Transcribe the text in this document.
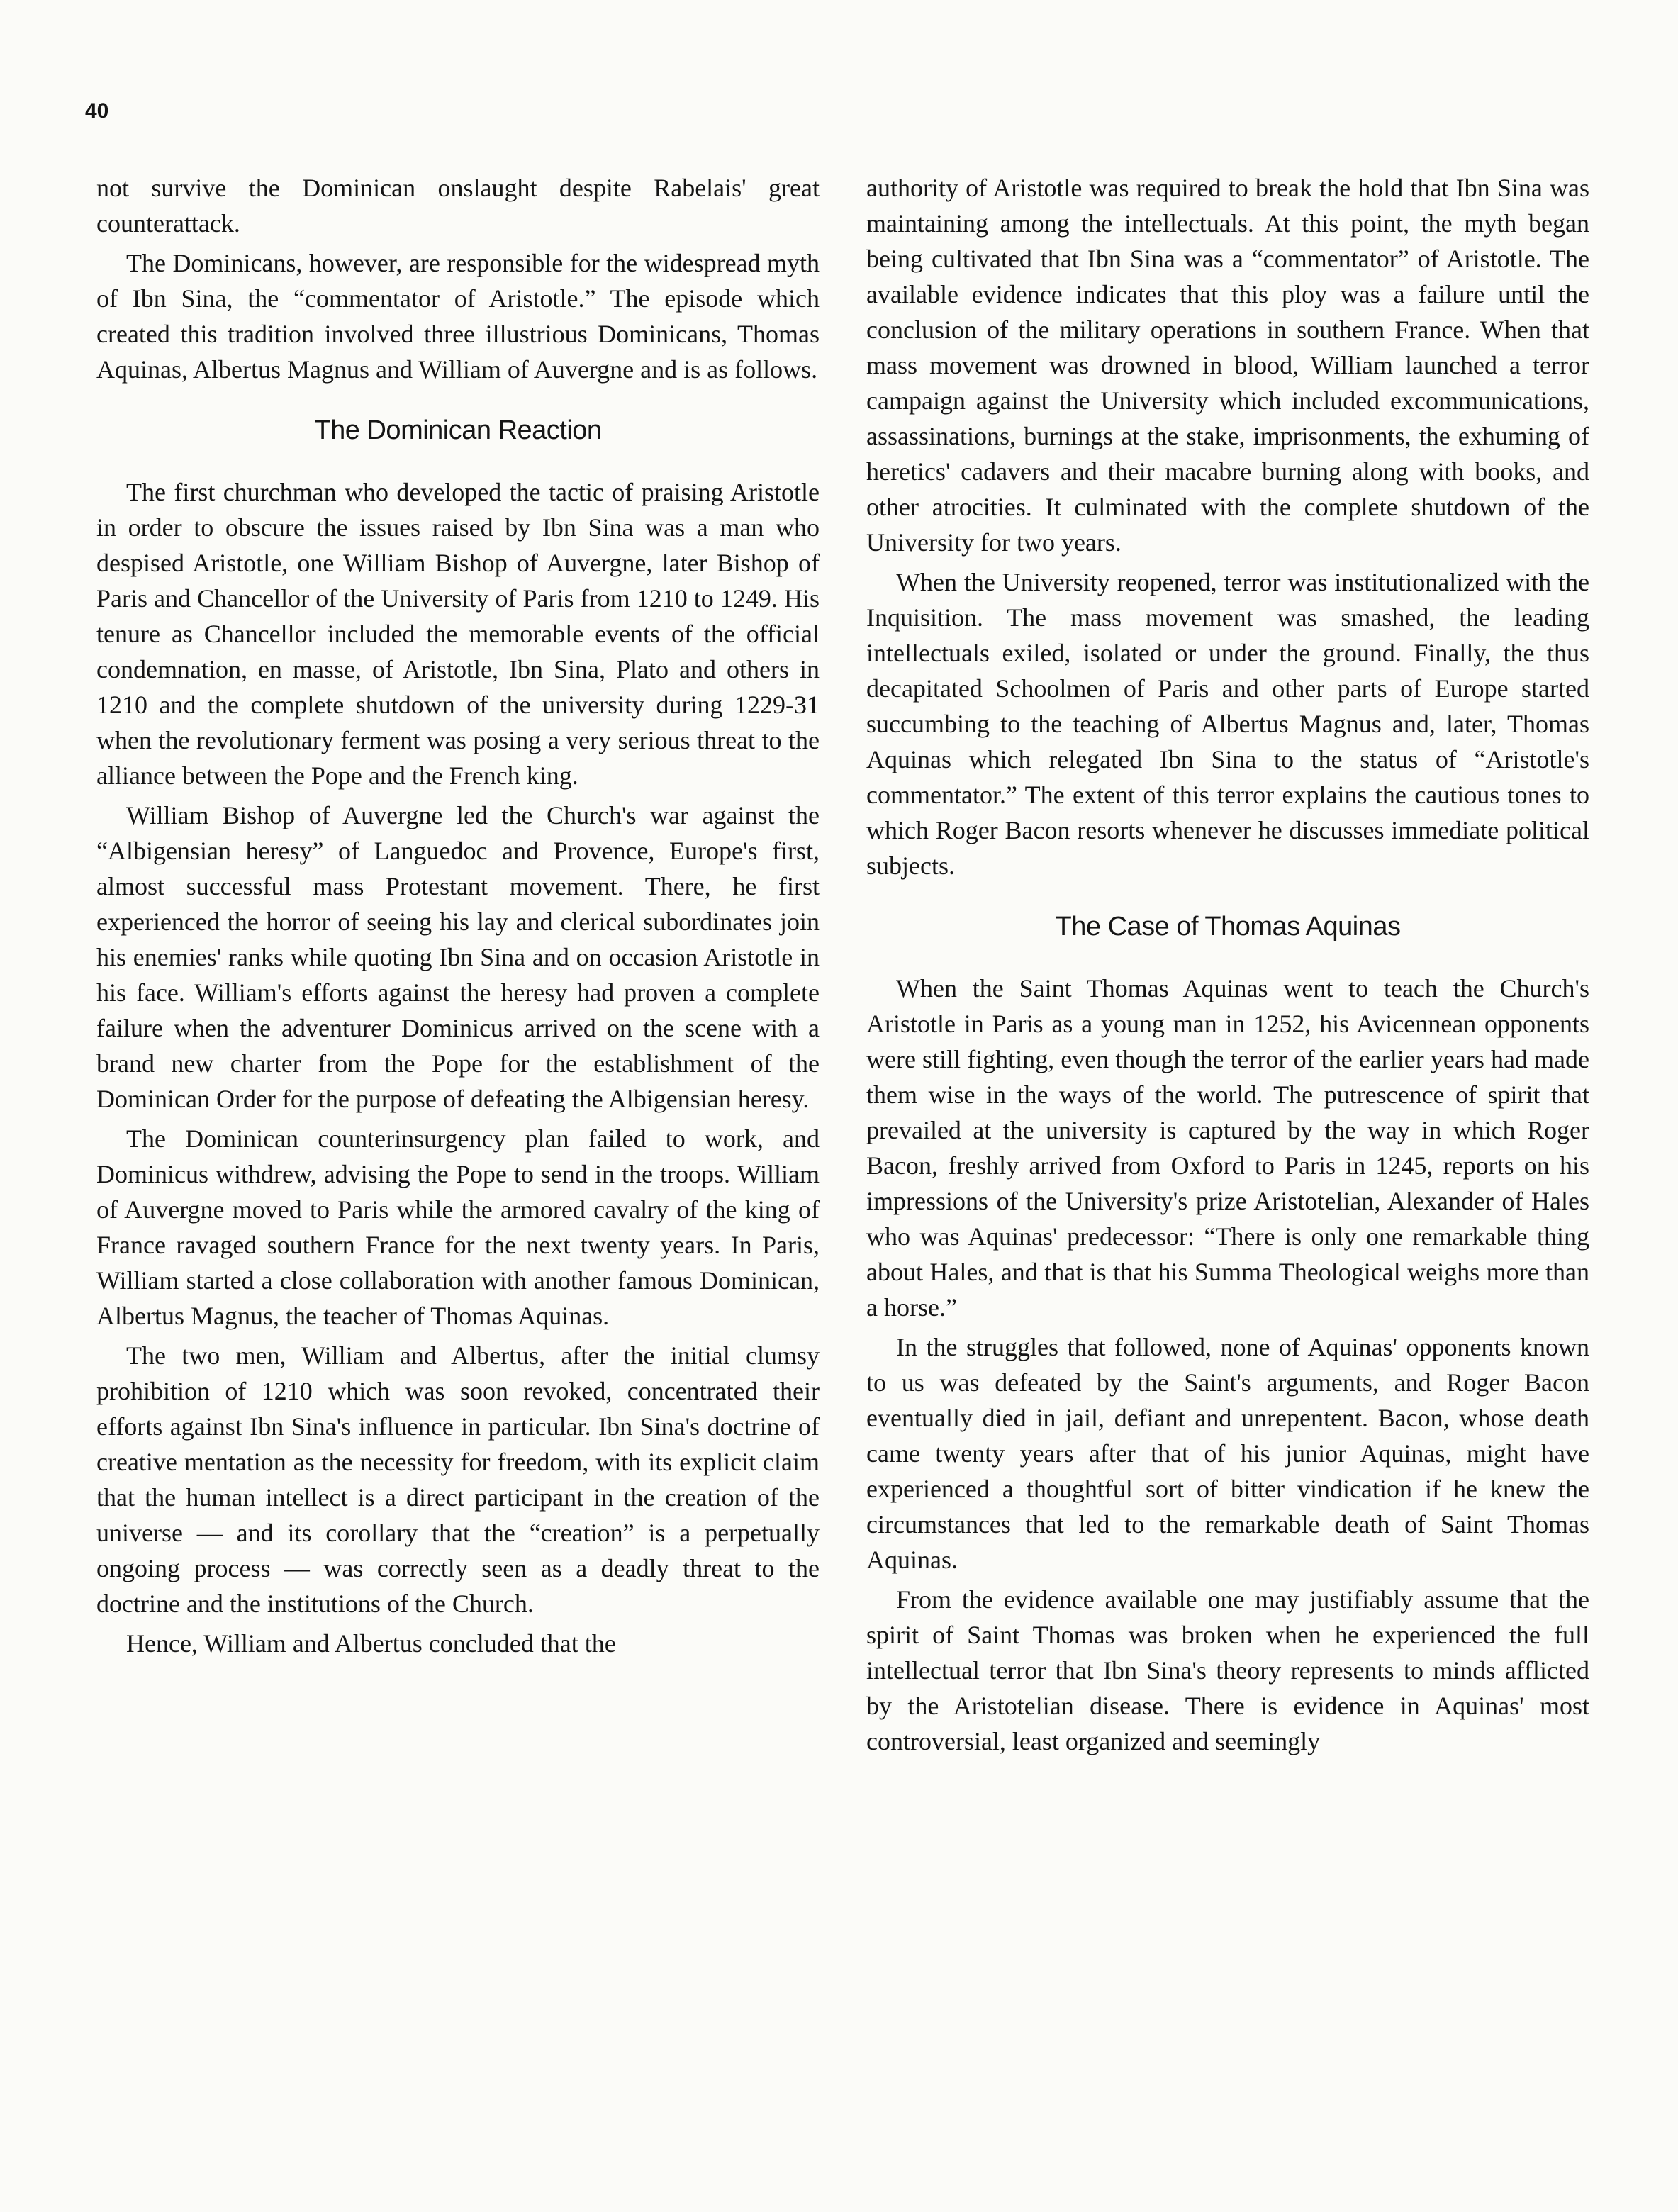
40

not survive the Dominican onslaught despite Rabelais' great counterattack.

The Dominicans, however, are responsible for the widespread myth of Ibn Sina, the “commentator of Aristotle.” The episode which created this tradition involved three illustrious Dominicans, Thomas Aquinas, Albertus Magnus and William of Auvergne and is as follows.

The Dominican Reaction

The first churchman who developed the tactic of praising Aristotle in order to obscure the issues raised by Ibn Sina was a man who despised Aristotle, one William Bishop of Auvergne, later Bishop of Paris and Chancellor of the University of Paris from 1210 to 1249. His tenure as Chancellor included the memorable events of the official condemnation, en masse, of Aristotle, Ibn Sina, Plato and others in 1210 and the complete shutdown of the university during 1229-31 when the revolutionary ferment was posing a very serious threat to the alliance between the Pope and the French king.

William Bishop of Auvergne led the Church's war against the “Albigensian heresy” of Languedoc and Provence, Europe's first, almost successful mass Protestant movement. There, he first experienced the horror of seeing his lay and clerical subordinates join his enemies' ranks while quoting Ibn Sina and on occasion Aristotle in his face. William's efforts against the heresy had proven a complete failure when the adventurer Dominicus arrived on the scene with a brand new charter from the Pope for the establishment of the Dominican Order for the purpose of defeating the Albigensian heresy.

The Dominican counterinsurgency plan failed to work, and Dominicus withdrew, advising the Pope to send in the troops. William of Auvergne moved to Paris while the armored cavalry of the king of France ravaged southern France for the next twenty years. In Paris, William started a close collaboration with another famous Dominican, Albertus Magnus, the teacher of Thomas Aquinas.

The two men, William and Albertus, after the initial clumsy prohibition of 1210 which was soon revoked, concentrated their efforts against Ibn Sina's influence in particular. Ibn Sina's doctrine of creative mentation as the necessity for freedom, with its explicit claim that the human intellect is a direct participant in the creation of the universe — and its corollary that the “creation” is a perpetually ongoing process — was correctly seen as a deadly threat to the doctrine and the institutions of the Church.

Hence, William and Albertus concluded that the

authority of Aristotle was required to break the hold that Ibn Sina was maintaining among the intellectuals. At this point, the myth began being cultivated that Ibn Sina was a “commentator” of Aristotle. The available evidence indicates that this ploy was a failure until the conclusion of the military operations in southern France. When that mass movement was drowned in blood, William launched a terror campaign against the University which included excommunications, assassinations, burnings at the stake, imprisonments, the exhuming of heretics' cadavers and their macabre burning along with books, and other atrocities. It culminated with the complete shutdown of the University for two years.

When the University reopened, terror was institutionalized with the Inquisition. The mass movement was smashed, the leading intellectuals exiled, isolated or under the ground. Finally, the thus decapitated Schoolmen of Paris and other parts of Europe started succumbing to the teaching of Albertus Magnus and, later, Thomas Aquinas which relegated Ibn Sina to the status of “Aristotle's commentator.” The extent of this terror explains the cautious tones to which Roger Bacon resorts whenever he discusses immediate political subjects.

The Case of Thomas Aquinas

When the Saint Thomas Aquinas went to teach the Church's Aristotle in Paris as a young man in 1252, his Avicennean opponents were still fighting, even though the terror of the earlier years had made them wise in the ways of the world. The putrescence of spirit that prevailed at the university is captured by the way in which Roger Bacon, freshly arrived from Oxford to Paris in 1245, reports on his impressions of the University's prize Aristotelian, Alexander of Hales who was Aquinas' predecessor: “There is only one remarkable thing about Hales, and that is that his Summa Theological weighs more than a horse.”

In the struggles that followed, none of Aquinas' opponents known to us was defeated by the Saint's arguments, and Roger Bacon eventually died in jail, defiant and unrepentent. Bacon, whose death came twenty years after that of his junior Aquinas, might have experienced a thoughtful sort of bitter vindication if he knew the circumstances that led to the remarkable death of Saint Thomas Aquinas.

From the evidence available one may justifiably assume that the spirit of Saint Thomas was broken when he experienced the full intellectual terror that Ibn Sina's theory represents to minds afflicted by the Aristotelian disease. There is evidence in Aquinas' most controversial, least organized and seemingly
